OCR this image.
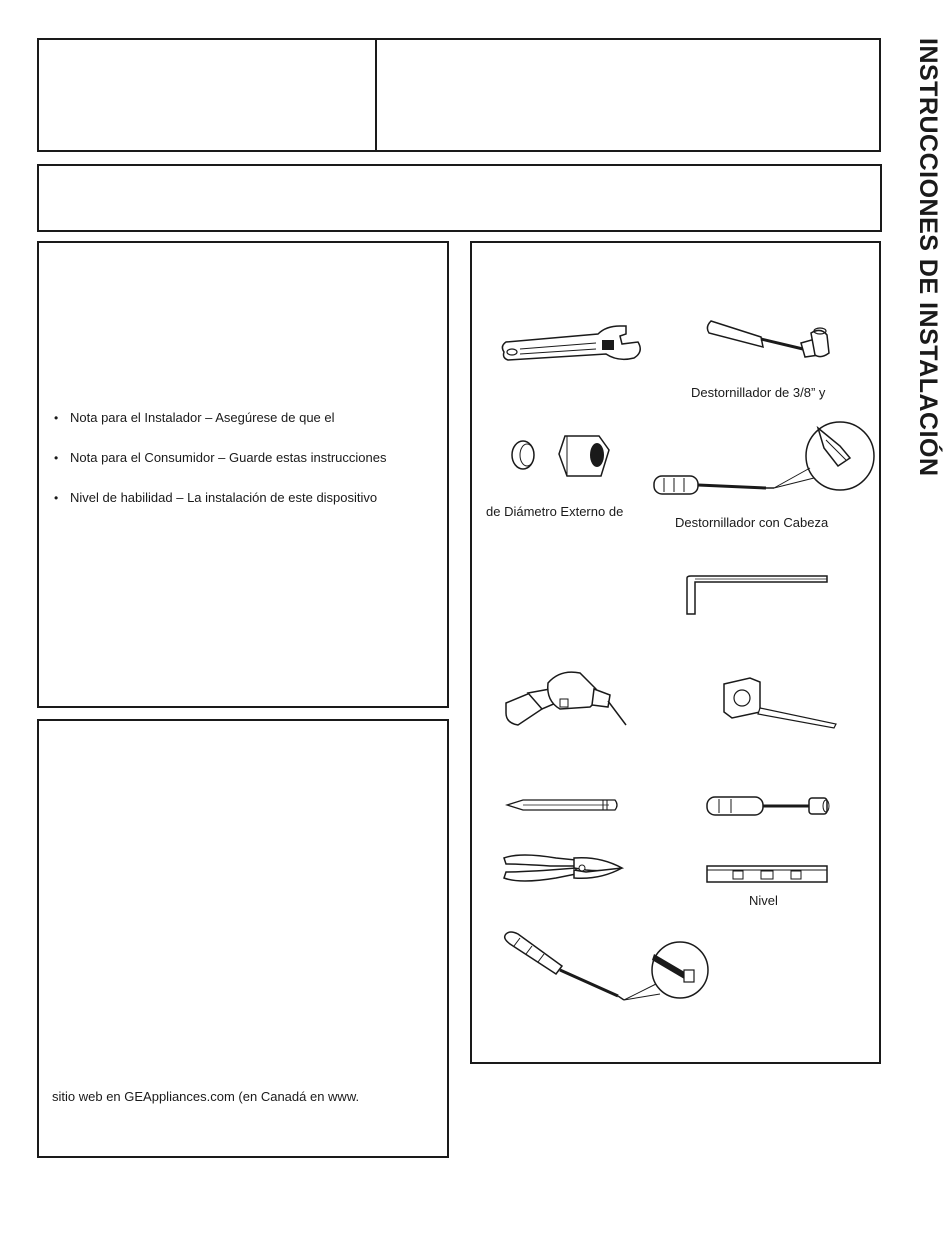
INSTRUCCIONES DE INSTALACIÓN
• Nota para el Instalador – Asegúrese de que el
• Nota para el Consumidor – Guarde estas instrucciones
• Nivel de habilidad – La instalación de este dispositivo
sitio web en GEAppliances.com (en Canadá en www.
Destornillador de 3/8” y
de Diámetro Externo de
Destornillador con Cabeza
Nivel
